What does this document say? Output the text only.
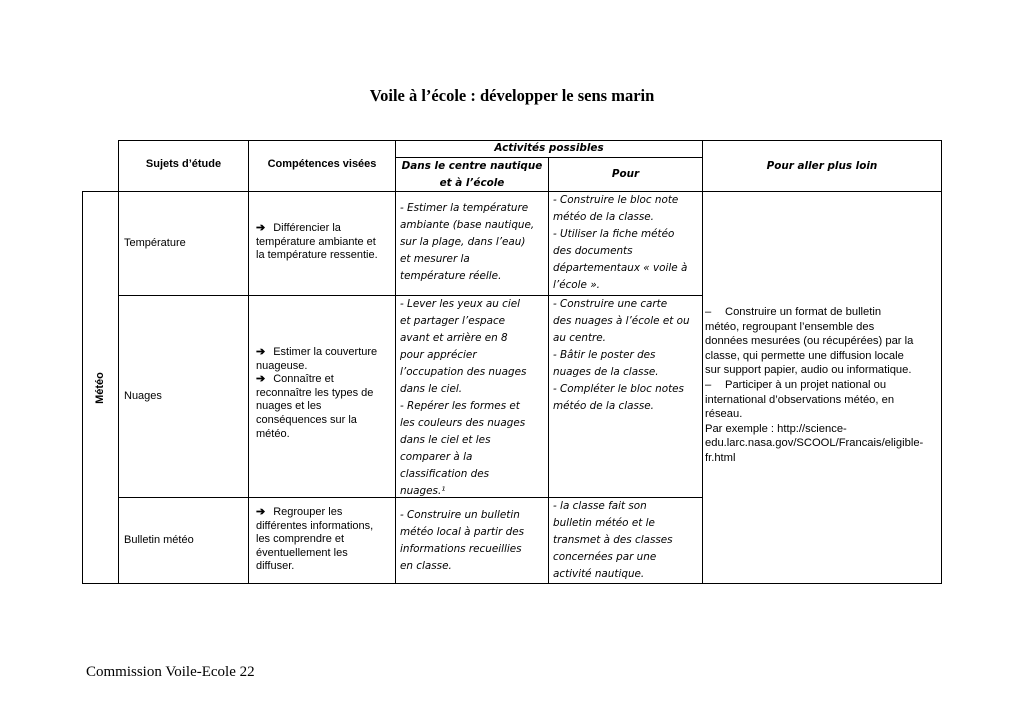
Voile à l’école : développer le sens marin
Sujets d’étude	Compétences visées
Activités possibles
Dans le centre nautique
et à l’école
Pour
Pour aller plus loin
Météo
Température
➔ Différencier la
température ambiante et
la température ressentie.
- Estimer la température
ambiante (base nautique,
sur la plage, dans l’eau)
et mesurer la
température réelle.
- Construire le bloc note
météo de la classe.
- Utiliser la fiche météo
des documents
départementaux « voile à
l’école ».
Nuages
➔ Estimer la couverture
nuageuse.
➔ Connaître et
reconnaître les types de
nuages et les
conséquences sur la
météo.
- Lever les yeux au ciel
et partager l’espace
avant et arrière en 8
pour apprécier
l’occupation des nuages
dans le ciel.
- Repérer les formes et
les couleurs des nuages
dans le ciel et les
comparer à la
classification des
nuages.¹
- Construire une carte
des nuages à l’école et ou
au centre.
- Bâtir le poster des
nuages de la classe.
- Compléter le bloc notes
météo de la classe.
Bulletin météo
➔ Regrouper les
différentes informations,
les comprendre et
éventuellement les
diffuser.
- Construire un bulletin
météo local à partir des
informations recueillies
en classe.
- la classe fait son
bulletin météo et le
transmet à des classes
concernées par une
activité nautique.
– Construire un format de bulletin
météo, regroupant l’ensemble des
données mesurées (ou récupérées) par la
classe, qui permette une diffusion locale
sur support papier, audio ou informatique.
– Participer à un projet national ou
international d’observations météo, en
réseau.
Par exemple : http://science-
edu.larc.nasa.gov/SCOOL/Francais/eligible-
fr.html
Commission Voile-Ecole 22
